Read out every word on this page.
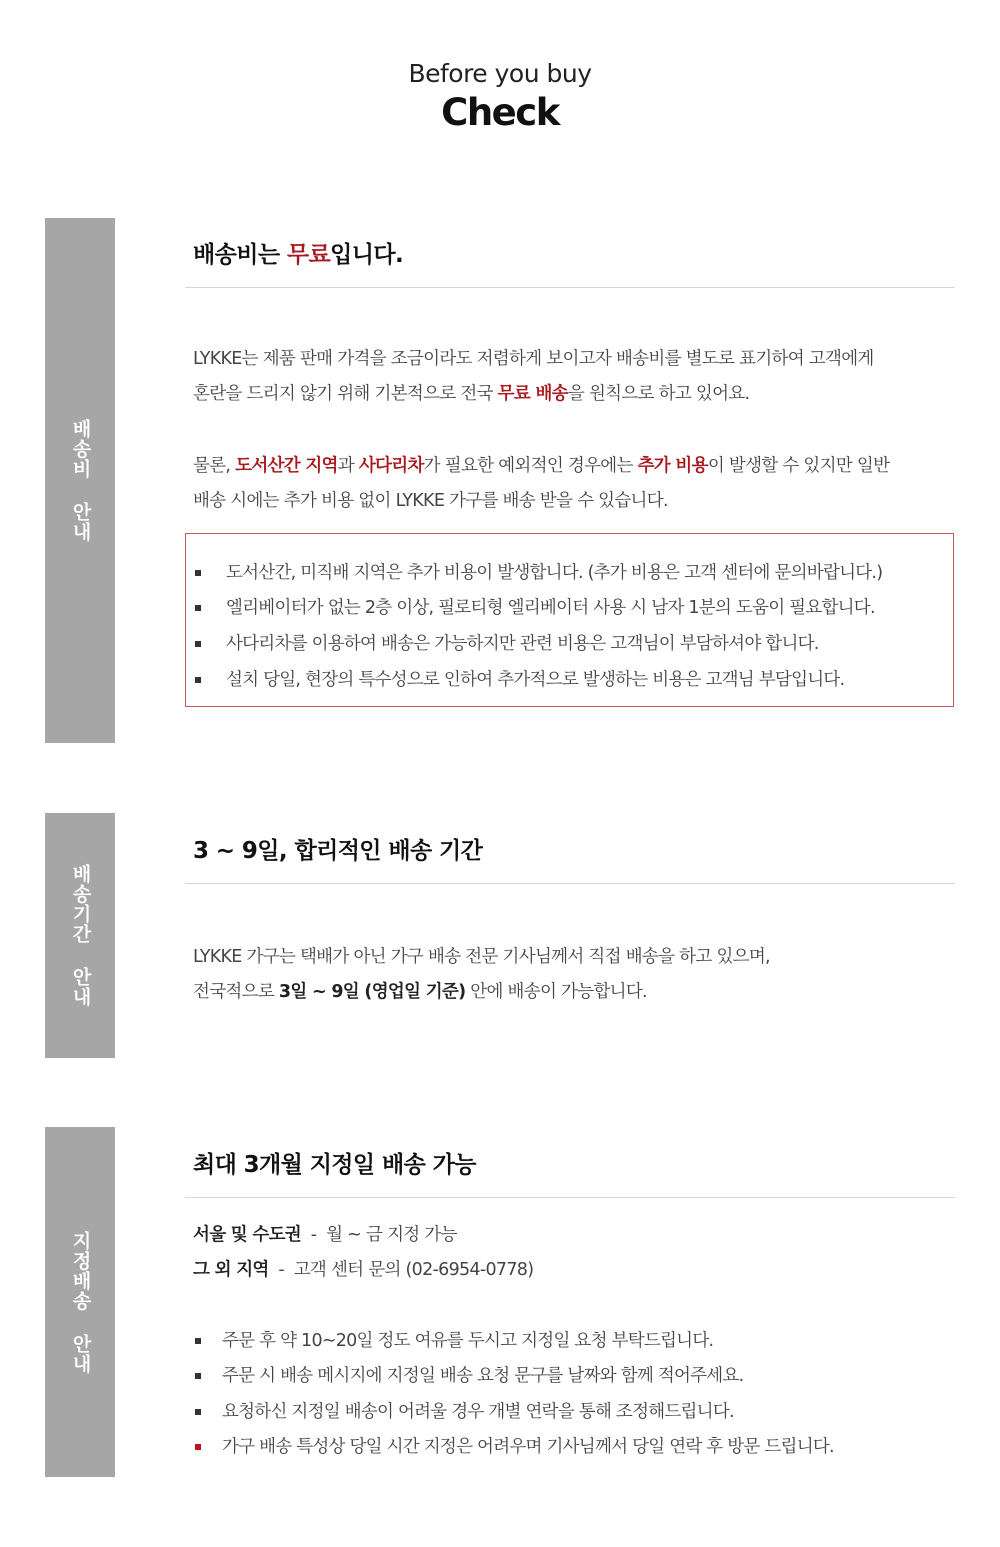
Before you buy
Check
배송비 안내
배송비는 무료입니다.

LYKKE는 제품 판매 가격을 조금이라도 저렴하게 보이고자 배송비를 별도로 표기하여 고객에게

혼란을 드리지 않기 위해 기본적으로 전국 무료 배송을 원칙으로 하고 있어요.

물론, 도서산간 지역과 사다리차가 필요한 예외적인 경우에는 추가 비용이 발생할 수 있지만 일반

배송 시에는 추가 비용 없이 LYKKE 가구를 배송 받을 수 있습니다.

도서산간, 미직배 지역은 추가 비용이 발생합니다. (추가 비용은 고객 센터에 문의바랍니다.)
엘리베이터가 없는 2층 이상, 필로티형 엘리베이터 사용 시 남자 1분의 도움이 필요합니다.
사다리차를 이용하여 배송은 가능하지만 관련 비용은 고객님이 부담하셔야 합니다.
설치 당일, 현장의 특수성으로 인하여 추가적으로 발생하는 비용은 고객님 부담입니다.
배송기간 안내
3 ~ 9일, 합리적인 배송 기간

LYKKE 가구는 택배가 아닌 가구 배송 전문 기사님께서 직접 배송을 하고 있으며,

전국적으로 3일 ~ 9일 (영업일 기준) 안에 배송이 가능합니다.

지정배송 안내
최대 3개월 지정일 배송 가능

서울 및 수도권 - 월 ~ 금 지정 가능

그 외 지역 - 고객 센터 문의 (02-6954-0778)

주문 후 약 10~20일 정도 여유를 두시고 지정일 요청 부탁드립니다.
주문 시 배송 메시지에 지정일 배송 요청 문구를 날짜와 함께 적어주세요.
요청하신 지정일 배송이 어려울 경우 개별 연락을 통해 조정해드립니다.
가구 배송 특성상 당일 시간 지정은 어려우며 기사님께서 당일 연락 후 방문 드립니다.
